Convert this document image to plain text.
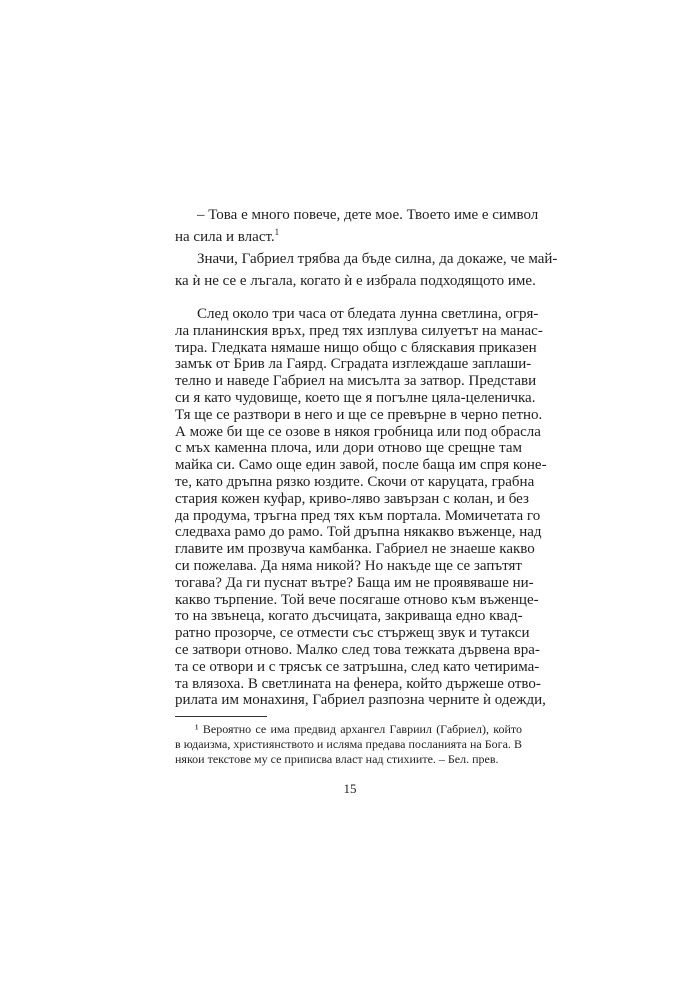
– Това е много повече, дете мое. Твоето име е символ
на сила и власт.$^1$
Значи, Габриел трябва да бъде силна, да докаже, че май-
ка ѝ не се е лъгала, когато ѝ е избрала подходящото име.
След около три часа от бледата лунна светлина, огря-
ла планинския връх, пред тях изплува силуетът на манас-
тира. Гледката нямаше нищо общо с бляскавия приказен
замък от Брив ла Гаярд. Сградата изглеждаше заплаши-
телно и наведе Габриел на мисълта за затвор. Представи
си я като чудовище, което ще я погълне цяла-целеничка.
Тя ще се разтвори в него и ще се превърне в черно петно.
А може би ще се озове в някоя гробница или под обрасла
с мъх каменна плоча, или дори отново ще срещне там
майка си. Само още един завой, после баща им спря коне-
те, като дръпна рязко юздите. Скочи от каруцата, грабна
стария кожен куфар, криво-ляво завързан с колан, и без
да продума, тръгна пред тях към портала. Момичетата го
следваха рамо до рамо. Той дръпна някакво въженце, над
главите им прозвуча камбанка. Габриел не знаеше какво
си пожелава. Да няма никой? Но накъде ще се запътят
тогава? Да ги пуснат вътре? Баща им не проявяваше ни-
какво търпение. Той вече посягаше отново към въженце-
то на звънеца, когато дъсчицата, закриваща едно квад-
ратно прозорче, се отмести със стържещ звук и тутакси
се затвори отново. Малко след това тежката дървена вра-
та се отвори и с трясък се затръшна, след като четирима-
та влязоха. В светлината на фенера, който държеше отво-
рилата им монахиня, Габриел разпозна черните ѝ одежди,
¹ Вероятно се има предвид архангел Гавриил (Габриел), който
в юдаизма, християнството и исляма предава посланията на Бога. В
някои текстове му се приписва власт над стихиите. – Бел. прев.
15
